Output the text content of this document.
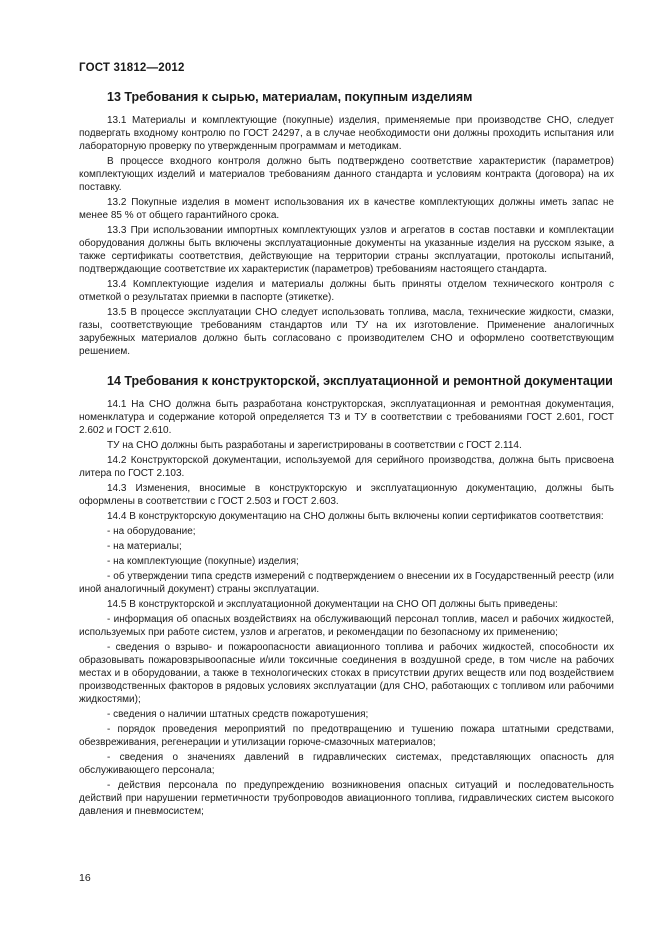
ГОСТ 31812—2012
13 Требования к сырью, материалам, покупным изделиям

13.1 Материалы и комплектующие (покупные) изделия, применяемые при производстве СНО, следует подвергать входному контролю по ГОСТ 24297, а в случае необходимости они должны проходить испытания или лабораторную проверку по утвержденным программам и методикам.

В процессе входного контроля должно быть подтверждено соответствие характеристик (параметров) комплектующих изделий и материалов требованиям данного стандарта и условиям контракта (договора) на их поставку.

13.2 Покупные изделия в момент использования их в качестве комплектующих должны иметь запас не менее 85 % от общего гарантийного срока.

13.3 При использовании импортных комплектующих узлов и агрегатов в состав поставки и комплектации оборудования должны быть включены эксплуатационные документы на указанные изделия на русском языке, а также сертификаты соответствия, действующие на территории страны эксплуатации, протоколы испытаний, подтверждающие соответствие их характеристик (параметров) требованиям настоящего стандарта.

13.4 Комплектующие изделия и материалы должны быть приняты отделом технического контроля с отметкой о результатах приемки в паспорте (этикетке).

13.5 В процессе эксплуатации СНО следует использовать топлива, масла, технические жидкости, смазки, газы, соответствующие требованиям стандартов или ТУ на их изготовление. Применение аналогичных зарубежных материалов должно быть согласовано с производителем СНО и оформлено соответствующим решением.

14 Требования к конструкторской, эксплуатационной и ремонтной документации

14.1 На СНО должна быть разработана конструкторская, эксплуатационная и ремонтная документация, номенклатура и содержание которой определяется ТЗ и ТУ в соответствии с требованиями ГОСТ 2.601, ГОСТ 2.602 и ГОСТ 2.610.

ТУ на СНО должны быть разработаны и зарегистрированы в соответствии с ГОСТ 2.114.

14.2 Конструкторской документации, используемой для серийного производства, должна быть присвоена литера по ГОСТ 2.103.

14.3 Изменения, вносимые в конструкторскую и эксплуатационную документацию, должны быть оформлены в соответствии с ГОСТ 2.503 и ГОСТ 2.603.

14.4 В конструкторскую документацию на СНО должны быть включены копии сертификатов соответствия:

- на оборудование;

- на материалы;

- на комплектующие (покупные) изделия;

- об утверждении типа средств измерений с подтверждением о внесении их в Государственный реестр (или иной аналогичный документ) страны эксплуатации.

14.5 В конструкторской и эксплуатационной документации на СНО ОП должны быть приведены:

- информация об опасных воздействиях на обслуживающий персонал топлив, масел и рабочих жидкостей, используемых при работе систем, узлов и агрегатов, и рекомендации по безопасному их применению;

- сведения о взрыво- и пожароопасности авиационного топлива и рабочих жидкостей, способности их образовывать пожаровзрывоопасные и/или токсичные соединения в воздушной среде, в том числе на рабочих местах и в оборудовании, а также в технологических стоках в присутствии других веществ или под воздействием производственных факторов в рядовых условиях эксплуатации (для СНО, работающих с топливом или рабочими жидкостями);

- сведения о наличии штатных средств пожаротушения;

- порядок проведения мероприятий по предотвращению и тушению пожара штатными средствами, обезвреживания, регенерации и утилизации горюче-смазочных материалов;

- сведения о значениях давлений в гидравлических системах, представляющих опасность для обслуживающего персонала;

- действия персонала по предупреждению возникновения опасных ситуаций и последовательность действий при нарушении герметичности трубопроводов авиационного топлива, гидравлических систем высокого давления и пневмосистем;

16
